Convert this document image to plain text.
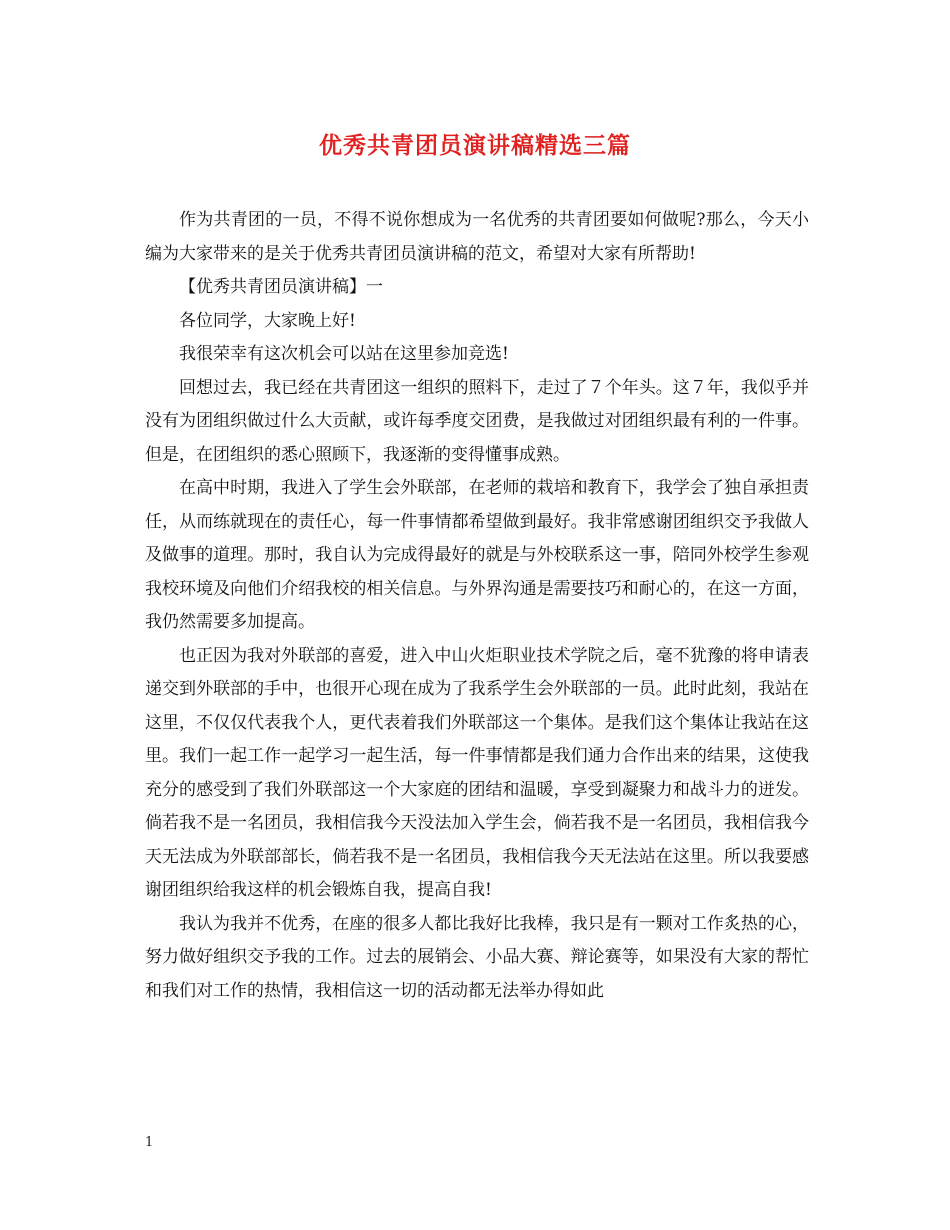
优秀共青团员演讲稿精选三篇

作为共青团的一员，不得不说你想成为一名优秀的共青团要如何做呢?那么，今天小编为大家带来的是关于优秀共青团员演讲稿的范文，希望对大家有所帮助!

【优秀共青团员演讲稿】一

各位同学，大家晚上好!

我很荣幸有这次机会可以站在这里参加竞选!

回想过去，我已经在共青团这一组织的照料下，走过了７个年头。这７年，我似乎并没有为团组织做过什么大贡献，或许每季度交团费，是我做过对团组织最有利的一件事。但是，在团组织的悉心照顾下，我逐渐的变得懂事成熟。

在高中时期，我进入了学生会外联部，在老师的栽培和教育下，我学会了独自承担责任，从而练就现在的责任心，每一件事情都希望做到最好。我非常感谢团组织交予我做人及做事的道理。那时，我自认为完成得最好的就是与外校联系这一事，陪同外校学生参观我校环境及向他们介绍我校的相关信息。与外界沟通是需要技巧和耐心的，在这一方面，我仍然需要多加提高。

也正因为我对外联部的喜爱，进入中山火炬职业技术学院之后，毫不犹豫的将申请表递交到外联部的手中，也很开心现在成为了我系学生会外联部的一员。此时此刻，我站在这里，不仅仅代表我个人，更代表着我们外联部这一个集体。是我们这个集体让我站在这里。我们一起工作一起学习一起生活，每一件事情都是我们通力合作出来的结果，这使我充分的感受到了我们外联部这一个大家庭的团结和温暖，享受到凝聚力和战斗力的迸发。倘若我不是一名团员，我相信我今天没法加入学生会，倘若我不是一名团员，我相信我今天无法成为外联部部长，倘若我不是一名团员，我相信我今天无法站在这里。所以我要感谢团组织给我这样的机会锻炼自我，提高自我!

我认为我并不优秀，在座的很多人都比我好比我棒，我只是有一颗对工作炙热的心，努力做好组织交予我的工作。过去的展销会、小品大赛、辩论赛等，如果没有大家的帮忙和我们对工作的热情，我相信这一切的活动都无法举办得如此

1
